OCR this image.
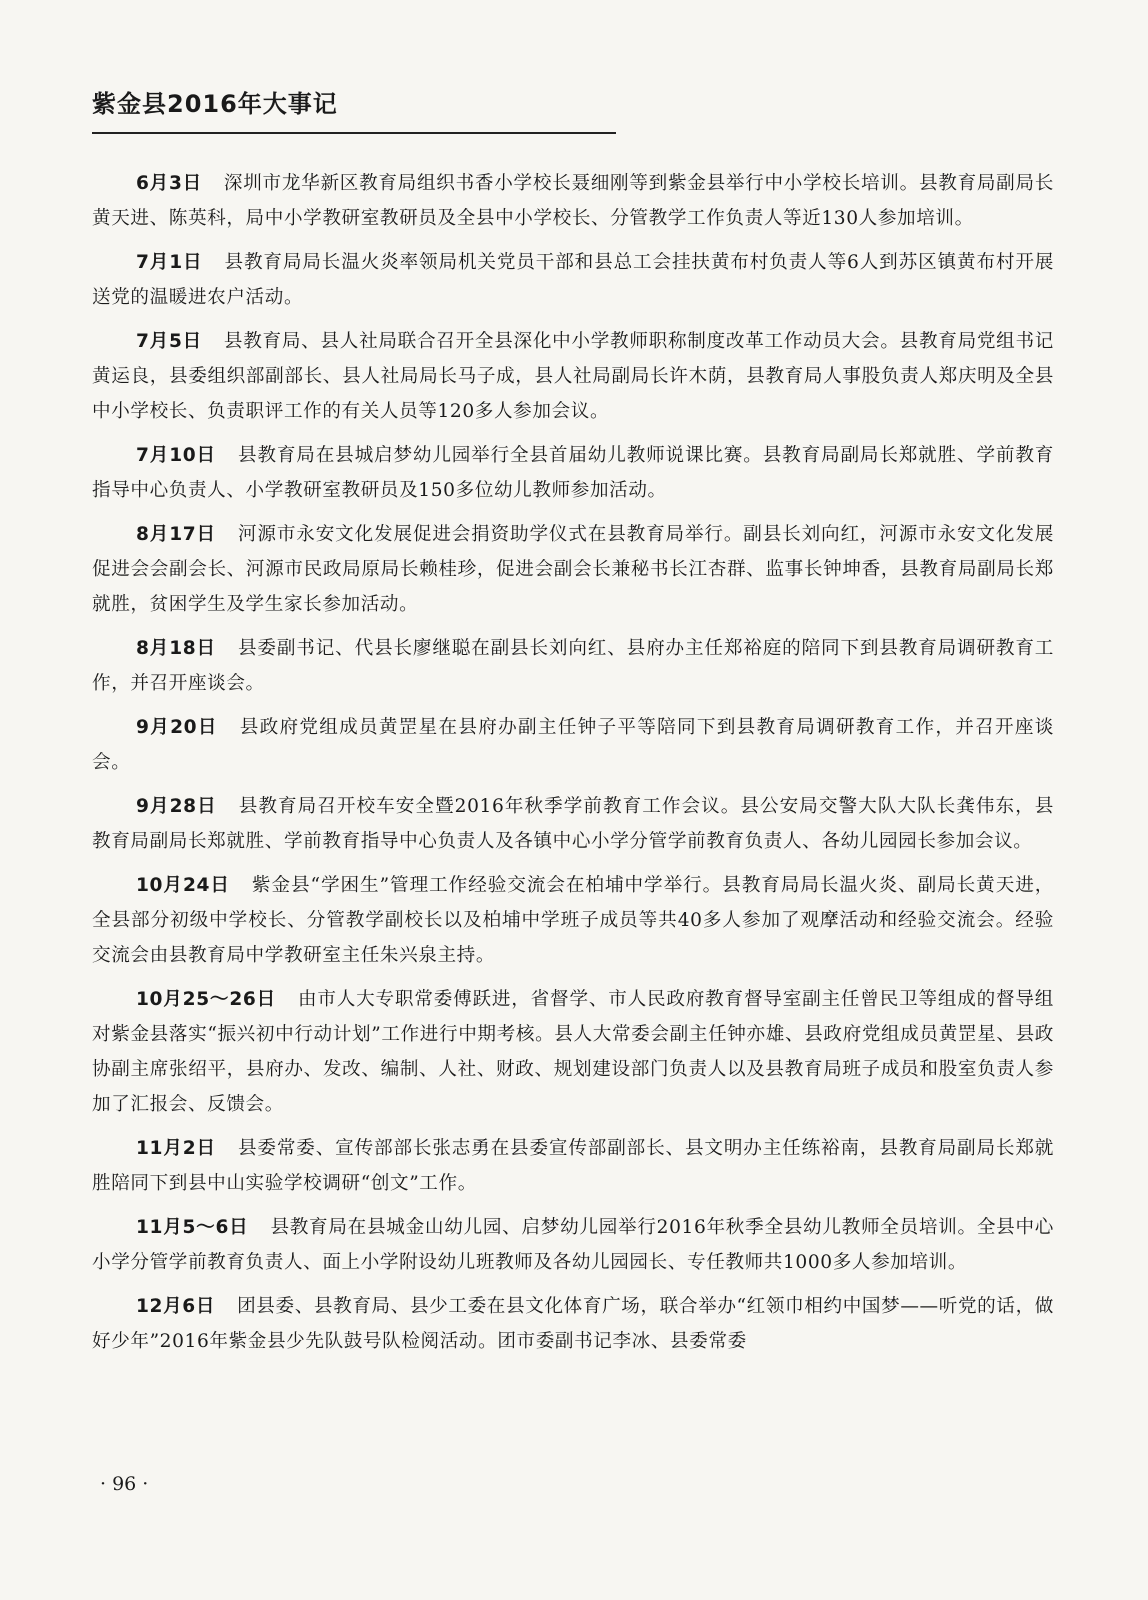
紫金县2016年大事记

6月3日 深圳市龙华新区教育局组织书香小学校长聂细刚等到紫金县举行中小学校长培训。县教育局副局长黄天进、陈英科，局中小学教研室教研员及全县中小学校长、分管教学工作负责人等近130人参加培训。

7月1日 县教育局局长温火炎率领局机关党员干部和县总工会挂扶黄布村负责人等6人到苏区镇黄布村开展送党的温暖进农户活动。

7月5日 县教育局、县人社局联合召开全县深化中小学教师职称制度改革工作动员大会。县教育局党组书记黄运良，县委组织部副部长、县人社局局长马子成，县人社局副局长许木荫，县教育局人事股负责人郑庆明及全县中小学校长、负责职评工作的有关人员等120多人参加会议。

7月10日 县教育局在县城启梦幼儿园举行全县首届幼儿教师说课比赛。县教育局副局长郑就胜、学前教育指导中心负责人、小学教研室教研员及150多位幼儿教师参加活动。

8月17日 河源市永安文化发展促进会捐资助学仪式在县教育局举行。副县长刘向红，河源市永安文化发展促进会会副会长、河源市民政局原局长赖桂珍，促进会副会长兼秘书长江杏群、监事长钟坤香，县教育局副局长郑就胜，贫困学生及学生家长参加活动。

8月18日 县委副书记、代县长廖继聪在副县长刘向红、县府办主任郑裕庭的陪同下到县教育局调研教育工作，并召开座谈会。

9月20日 县政府党组成员黄罡星在县府办副主任钟子平等陪同下到县教育局调研教育工作，并召开座谈会。

9月28日 县教育局召开校车安全暨2016年秋季学前教育工作会议。县公安局交警大队大队长龚伟东，县教育局副局长郑就胜、学前教育指导中心负责人及各镇中心小学分管学前教育负责人、各幼儿园园长参加会议。

10月24日 紫金县“学困生”管理工作经验交流会在柏埔中学举行。县教育局局长温火炎、副局长黄天进，全县部分初级中学校长、分管教学副校长以及柏埔中学班子成员等共40多人参加了观摩活动和经验交流会。经验交流会由县教育局中学教研室主任朱兴泉主持。

10月25～26日 由市人大专职常委傅跃进，省督学、市人民政府教育督导室副主任曾民卫等组成的督导组对紫金县落实“振兴初中行动计划”工作进行中期考核。县人大常委会副主任钟亦雄、县政府党组成员黄罡星、县政协副主席张绍平，县府办、发改、编制、人社、财政、规划建设部门负责人以及县教育局班子成员和股室负责人参加了汇报会、反馈会。

11月2日 县委常委、宣传部部长张志勇在县委宣传部副部长、县文明办主任练裕南，县教育局副局长郑就胜陪同下到县中山实验学校调研“创文”工作。

11月5～6日 县教育局在县城金山幼儿园、启梦幼儿园举行2016年秋季全县幼儿教师全员培训。全县中心小学分管学前教育负责人、面上小学附设幼儿班教师及各幼儿园园长、专任教师共1000多人参加培训。

12月6日 团县委、县教育局、县少工委在县文化体育广场，联合举办“红领巾相约中国梦——听党的话，做好少年”2016年紫金县少先队鼓号队检阅活动。团市委副书记李冰、县委常委

· 96 ·
